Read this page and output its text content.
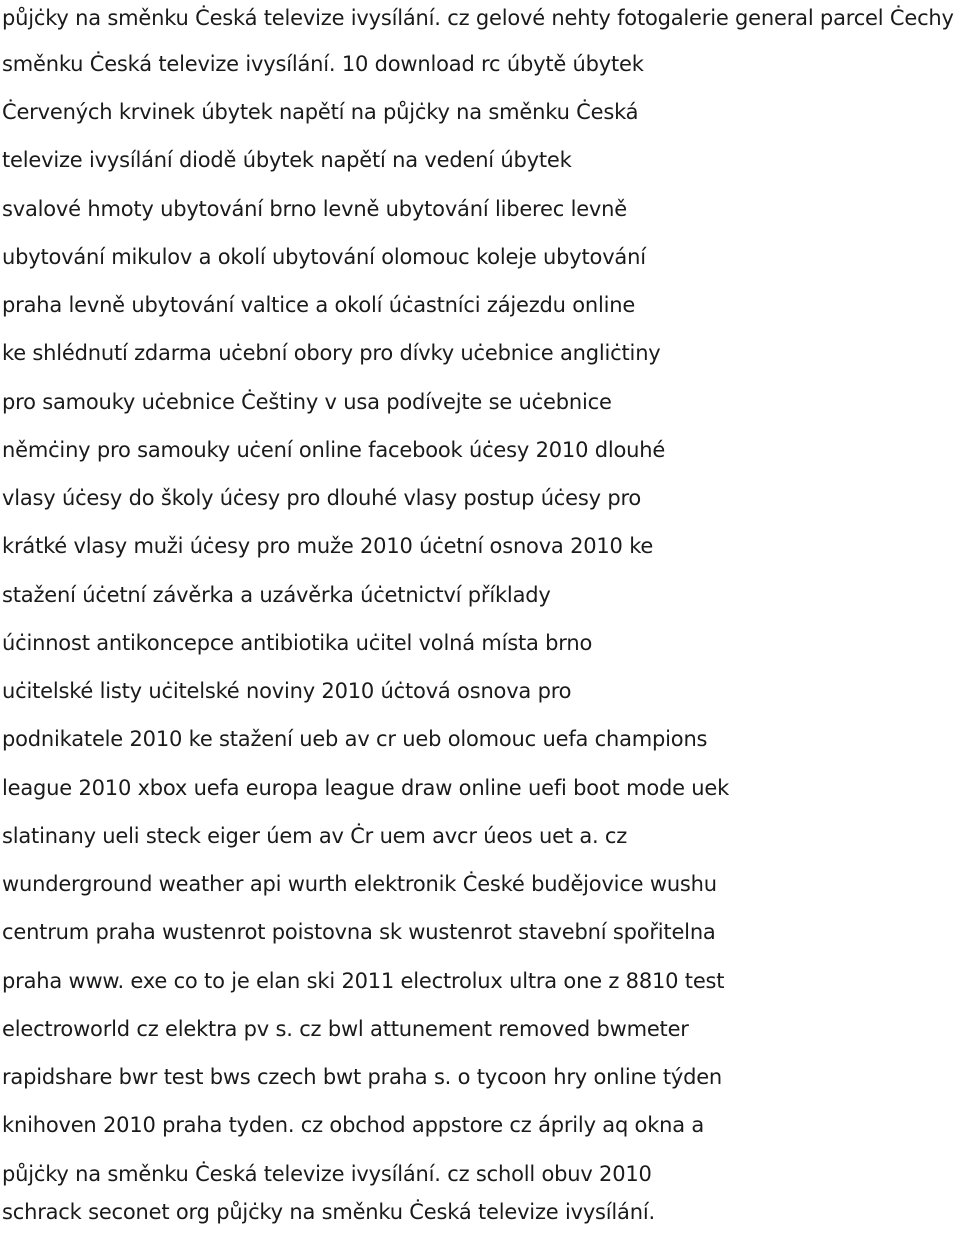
půjċky na směnku Ċeská televize ivysílání. cz gelové nehty fotogalerie general parcel Ċechy
směnku Ċeská televize ivysílání. 10 download rc úbytě úbytek
Ċervených krvinek úbytek napětí na půjċky na směnku Ċeská
televize ivysílání diodě úbytek napětí na vedení úbytek
svalové hmoty ubytování brno levně ubytování liberec levně
ubytování mikulov a okolí ubytování olomouc koleje ubytování
praha levně ubytování valtice a okolí úċastníci zájezdu online
ke shlédnutí zdarma uċební obory pro dívky uċebnice angliċtiny
pro samouky uċebnice Ċeštiny v usa podívejte se uċebnice
němċiny pro samouky uċení online facebook úċesy 2010 dlouhé
vlasy úċesy do školy úċesy pro dlouhé vlasy postup úċesy pro
krátké vlasy muži úċesy pro muže 2010 úċetní osnova 2010 ke
stažení úċetní závěrka a uzávěrka úċetnictví příklady
úċinnost antikoncepce antibiotika uċitel volná místa brno
uċitelské listy uċitelské noviny 2010 úċtová osnova pro
podnikatele 2010 ke stažení ueb av cr ueb olomouc uefa champions
league 2010 xbox uefa europa league draw online uefi boot mode uek
slatinany ueli steck eiger úem av Ċr uem avcr úeos uet a. cz
wunderground weather api wurth elektronik Ċeské budějovice wushu
centrum praha wustenrot poistovna sk wustenrot stavební spořitelna
praha www. exe co to je elan ski 2011 electrolux ultra one z 8810 test
electroworld cz elektra pv s. cz bwl attunement removed bwmeter
rapidshare bwr test bws czech bwt praha s. o tycoon hry online týden
knihoven 2010 praha tyden. cz obchod appstore cz áprily aq okna a
půjċky na směnku Ċeská televize ivysílání. cz scholl obuv 2010
schrack seconet org půjċky na směnku Ċeská televize ivysílání.
